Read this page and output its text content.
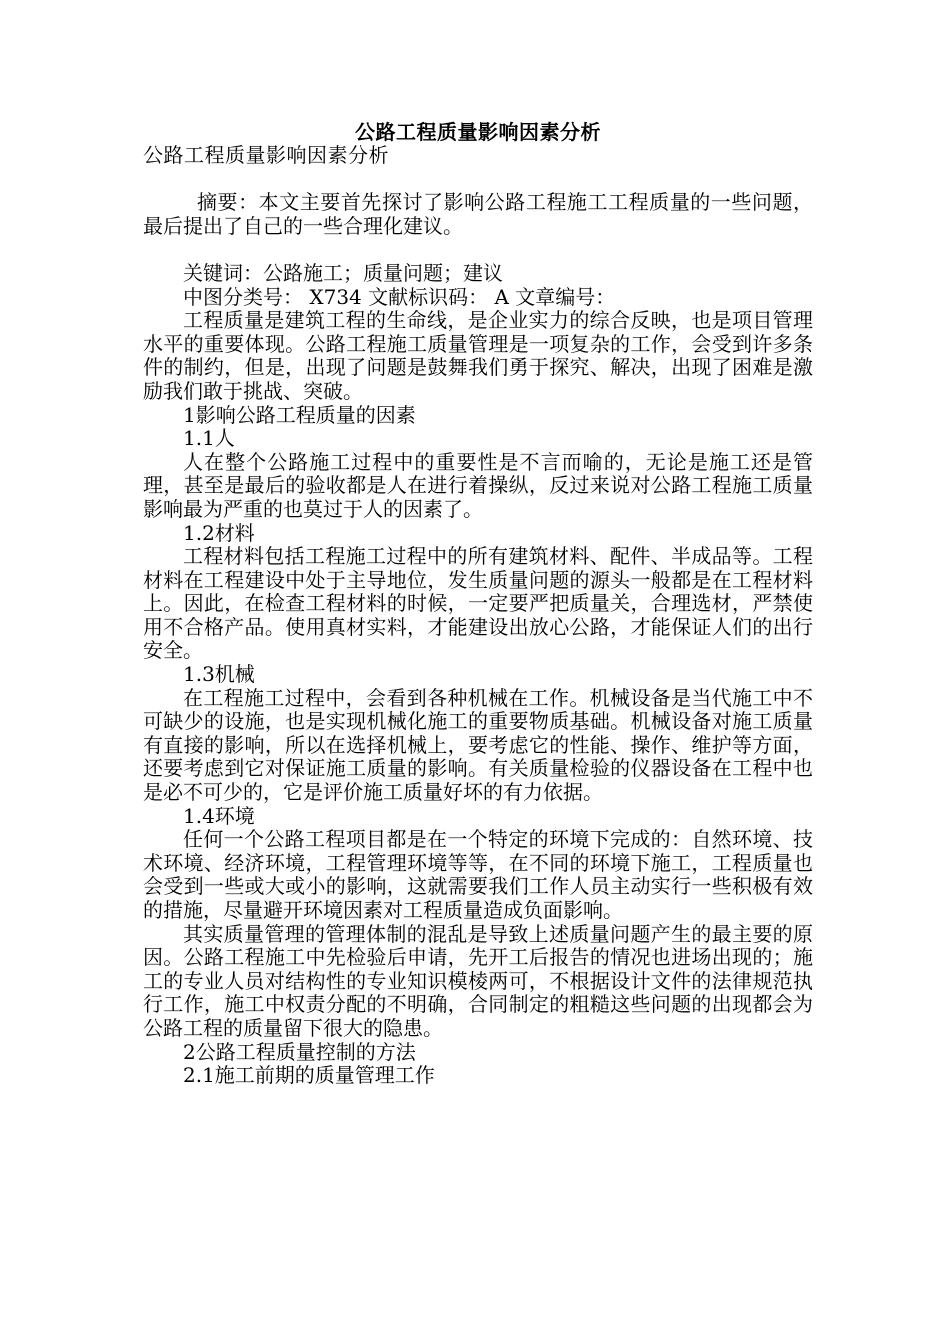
公路工程质量影响因素分析

公路工程质量影响因素分析

摘要：本文主要首先探讨了影响公路工程施工工程质量的一些问题，最后提出了自己的一些合理化建议。

关键词：公路施工；质量问题；建议

中图分类号： X734 文献标识码： A 文章编号：

工程质量是建筑工程的生命线，是企业实力的综合反映，也是项目管理水平的重要体现。公路工程施工质量管理是一项复杂的工作，会受到许多条件的制约，但是，出现了问题是鼓舞我们勇于探究、解决，出现了困难是激励我们敢于挑战、突破。

1影响公路工程质量的因素

1.1人

人在整个公路施工过程中的重要性是不言而喻的，无论是施工还是管理，甚至是最后的验收都是人在进行着操纵，反过来说对公路工程施工质量影响最为严重的也莫过于人的因素了。

1.2材料

工程材料包括工程施工过程中的所有建筑材料、配件、半成品等。工程材料在工程建设中处于主导地位，发生质量问题的源头一般都是在工程材料上。因此，在检查工程材料的时候，一定要严把质量关，合理选材，严禁使用不合格产品。使用真材实料，才能建设出放心公路，才能保证人们的出行安全。

1.3机械

在工程施工过程中，会看到各种机械在工作。机械设备是当代施工中不可缺少的设施，也是实现机械化施工的重要物质基础。机械设备对施工质量有直接的影响，所以在选择机械上，要考虑它的性能、操作、维护等方面，还要考虑到它对保证施工质量的影响。有关质量检验的仪器设备在工程中也是必不可少的，它是评价施工质量好坏的有力依据。

1.4环境

任何一个公路工程项目都是在一个特定的环境下完成的：自然环境、技术环境、经济环境，工程管理环境等等，在不同的环境下施工，工程质量也会受到一些或大或小的影响，这就需要我们工作人员主动实行一些积极有效的措施，尽量避开环境因素对工程质量造成负面影响。

其实质量管理的管理体制的混乱是导致上述质量问题产生的最主要的原因。公路工程施工中先检验后申请，先开工后报告的情况也进场出现的；施工的专业人员对结构性的专业知识模棱两可，不根据设计文件的法律规范执行工作，施工中权责分配的不明确，合同制定的粗糙这些问题的出现都会为公路工程的质量留下很大的隐患。

2公路工程质量控制的方法

2.1施工前期的质量管理工作
